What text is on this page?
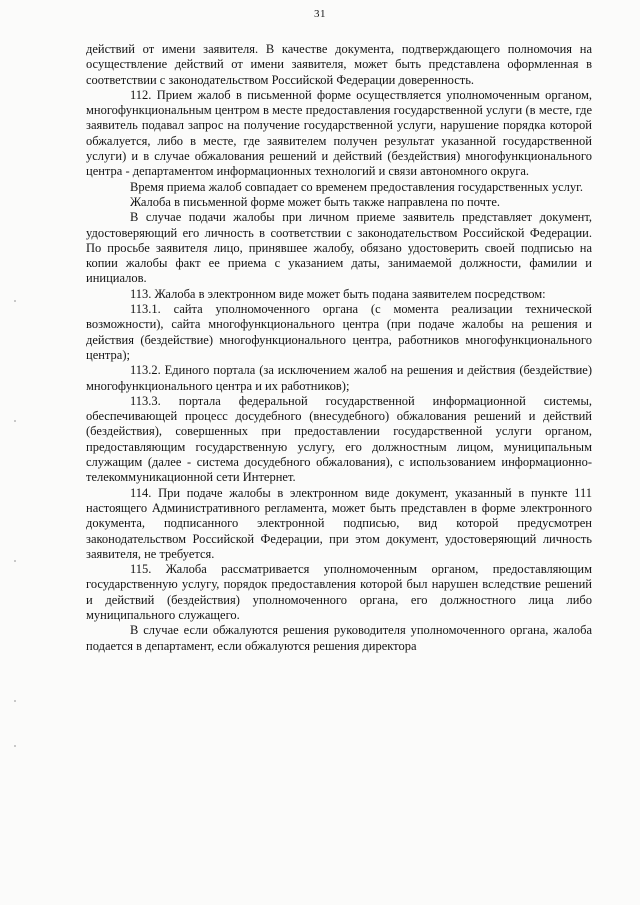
31

действий от имени заявителя. В качестве документа, подтверждающего полномочия на осуществление действий от имени заявителя, может быть представлена оформленная в соответствии с законодательством Российской Федерации доверенность.

112. Прием жалоб в письменной форме осуществляется уполномоченным органом, многофункциональным центром в месте предоставления государственной услуги (в месте, где заявитель подавал запрос на получение государственной услуги, нарушение порядка которой обжалуется, либо в месте, где заявителем получен результат указанной государственной услуги) и в случае обжалования решений и действий (бездействия) многофункционального центра - департаментом информационных технологий и связи автономного округа.

Время приема жалоб совпадает со временем предоставления государственных услуг.

Жалоба в письменной форме может быть также направлена по почте.

В случае подачи жалобы при личном приеме заявитель представляет документ, удостоверяющий его личность в соответствии с законодательством Российской Федерации. По просьбе заявителя лицо, принявшее жалобу, обязано удостоверить своей подписью на копии жалобы факт ее приема с указанием даты, занимаемой должности, фамилии и инициалов.

113. Жалоба в электронном виде может быть подана заявителем посредством:

113.1. сайта уполномоченного органа (с момента реализации технической возможности), сайта многофункционального центра (при подаче жалобы на решения и действия (бездействие) многофункционального центра, работников многофункционального центра);

113.2. Единого портала (за исключением жалоб на решения и действия (бездействие) многофункционального центра и их работников);

113.3. портала федеральной государственной информационной системы, обеспечивающей процесс досудебного (внесудебного) обжалования решений и действий (бездействия), совершенных при предоставлении государственной услуги органом, предоставляющим государственную услугу, его должностным лицом, муниципальным служащим (далее - система досудебного обжалования), с использованием информационно-телекоммуникационной сети Интернет.

114. При подаче жалобы в электронном виде документ, указанный в пункте 111 настоящего Административного регламента, может быть представлен в форме электронного документа, подписанного электронной подписью, вид которой предусмотрен законодательством Российской Федерации, при этом документ, удостоверяющий личность заявителя, не требуется.

115. Жалоба рассматривается уполномоченным органом, предоставляющим государственную услугу, порядок предоставления которой был нарушен вследствие решений и действий (бездействия) уполномоченного органа, его должностного лица либо муниципального служащего.

В случае если обжалуются решения руководителя уполномоченного органа, жалоба подается в департамент, если обжалуются решения директора
